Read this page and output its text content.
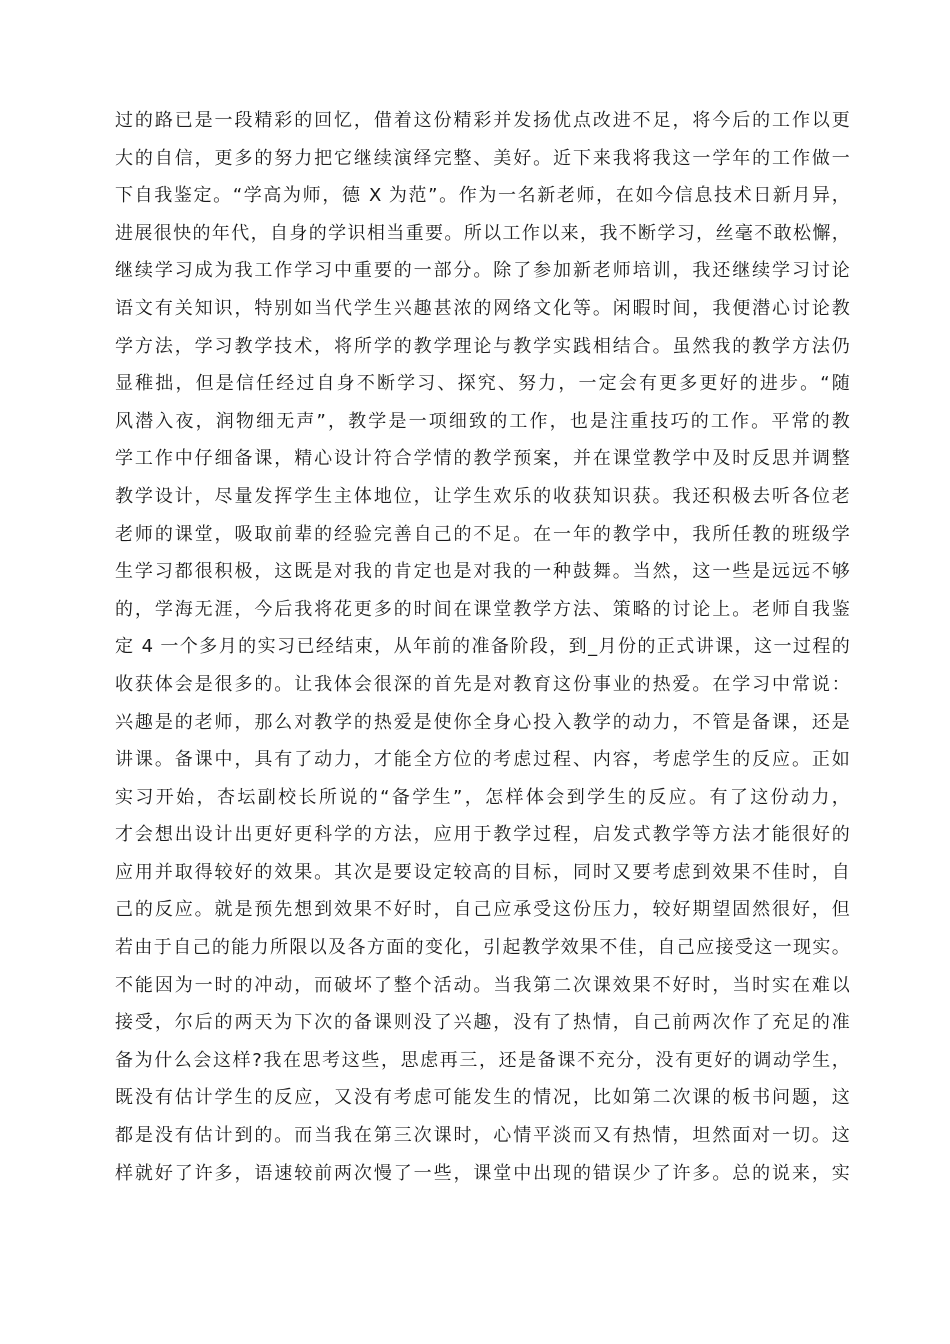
过的路已是一段精彩的回忆，借着这份精彩并发扬优点改进不足，将今后的工作以更
大的自信，更多的努力把它继续演绎完整、美好。近下来我将我这一学年的工作做一
下自我鉴定。“学高为师，德 X 为范”。作为一名新老师，在如今信息技术日新月异，
进展很快的年代，自身的学识相当重要。所以工作以来，我不断学习，丝毫不敢松懈，
继续学习成为我工作学习中重要的一部分。除了参加新老师培训，我还继续学习讨论
语文有关知识，特别如当代学生兴趣甚浓的网络文化等。闲暇时间，我便潜心讨论教
学方法，学习教学技术，将所学的教学理论与教学实践相结合。虽然我的教学方法仍
显稚拙，但是信任经过自身不断学习、探究、努力，一定会有更多更好的进步。“随
风潜入夜，润物细无声”，教学是一项细致的工作，也是注重技巧的工作。平常的教
学工作中仔细备课，精心设计符合学情的教学预案，并在课堂教学中及时反思并调整
教学设计，尽量发挥学生主体地位，让学生欢乐的收获知识获。我还积极去听各位老
老师的课堂，吸取前辈的经验完善自己的不足。在一年的教学中，我所任教的班级学
生学习都很积极，这既是对我的肯定也是对我的一种鼓舞。当然，这一些是远远不够
的，学海无涯，今后我将花更多的时间在课堂教学方法、策略的讨论上。老师自我鉴
定 4 一个多月的实习已经结束，从年前的准备阶段，到_月份的正式讲课，这一过程的
收获体会是很多的。让我体会很深的首先是对教育这份事业的热爱。在学习中常说：
兴趣是的老师，那么对教学的热爱是使你全身心投入教学的动力，不管是备课，还是
讲课。备课中，具有了动力，才能全方位的考虑过程、内容，考虑学生的反应。正如
实习开始，杏坛副校长所说的“备学生”，怎样体会到学生的反应。有了这份动力，
才会想出设计出更好更科学的方法，应用于教学过程，启发式教学等方法才能很好的
应用并取得较好的效果。其次是要设定较高的目标，同时又要考虑到效果不佳时，自
己的反应。就是预先想到效果不好时，自己应承受这份压力，较好期望固然很好，但
若由于自己的能力所限以及各方面的变化，引起教学效果不佳，自己应接受这一现实。
不能因为一时的冲动，而破坏了整个活动。当我第二次课效果不好时，当时实在难以
接受，尔后的两天为下次的备课则没了兴趣，没有了热情，自己前两次作了充足的准
备为什么会这样?我在思考这些，思虑再三，还是备课不充分，没有更好的调动学生，
既没有估计学生的反应，又没有考虑可能发生的情况，比如第二次课的板书问题，这
都是没有估计到的。而当我在第三次课时，心情平淡而又有热情，坦然面对一切。这
样就好了许多，语速较前两次慢了一些，课堂中出现的错误少了许多。总的说来，实
